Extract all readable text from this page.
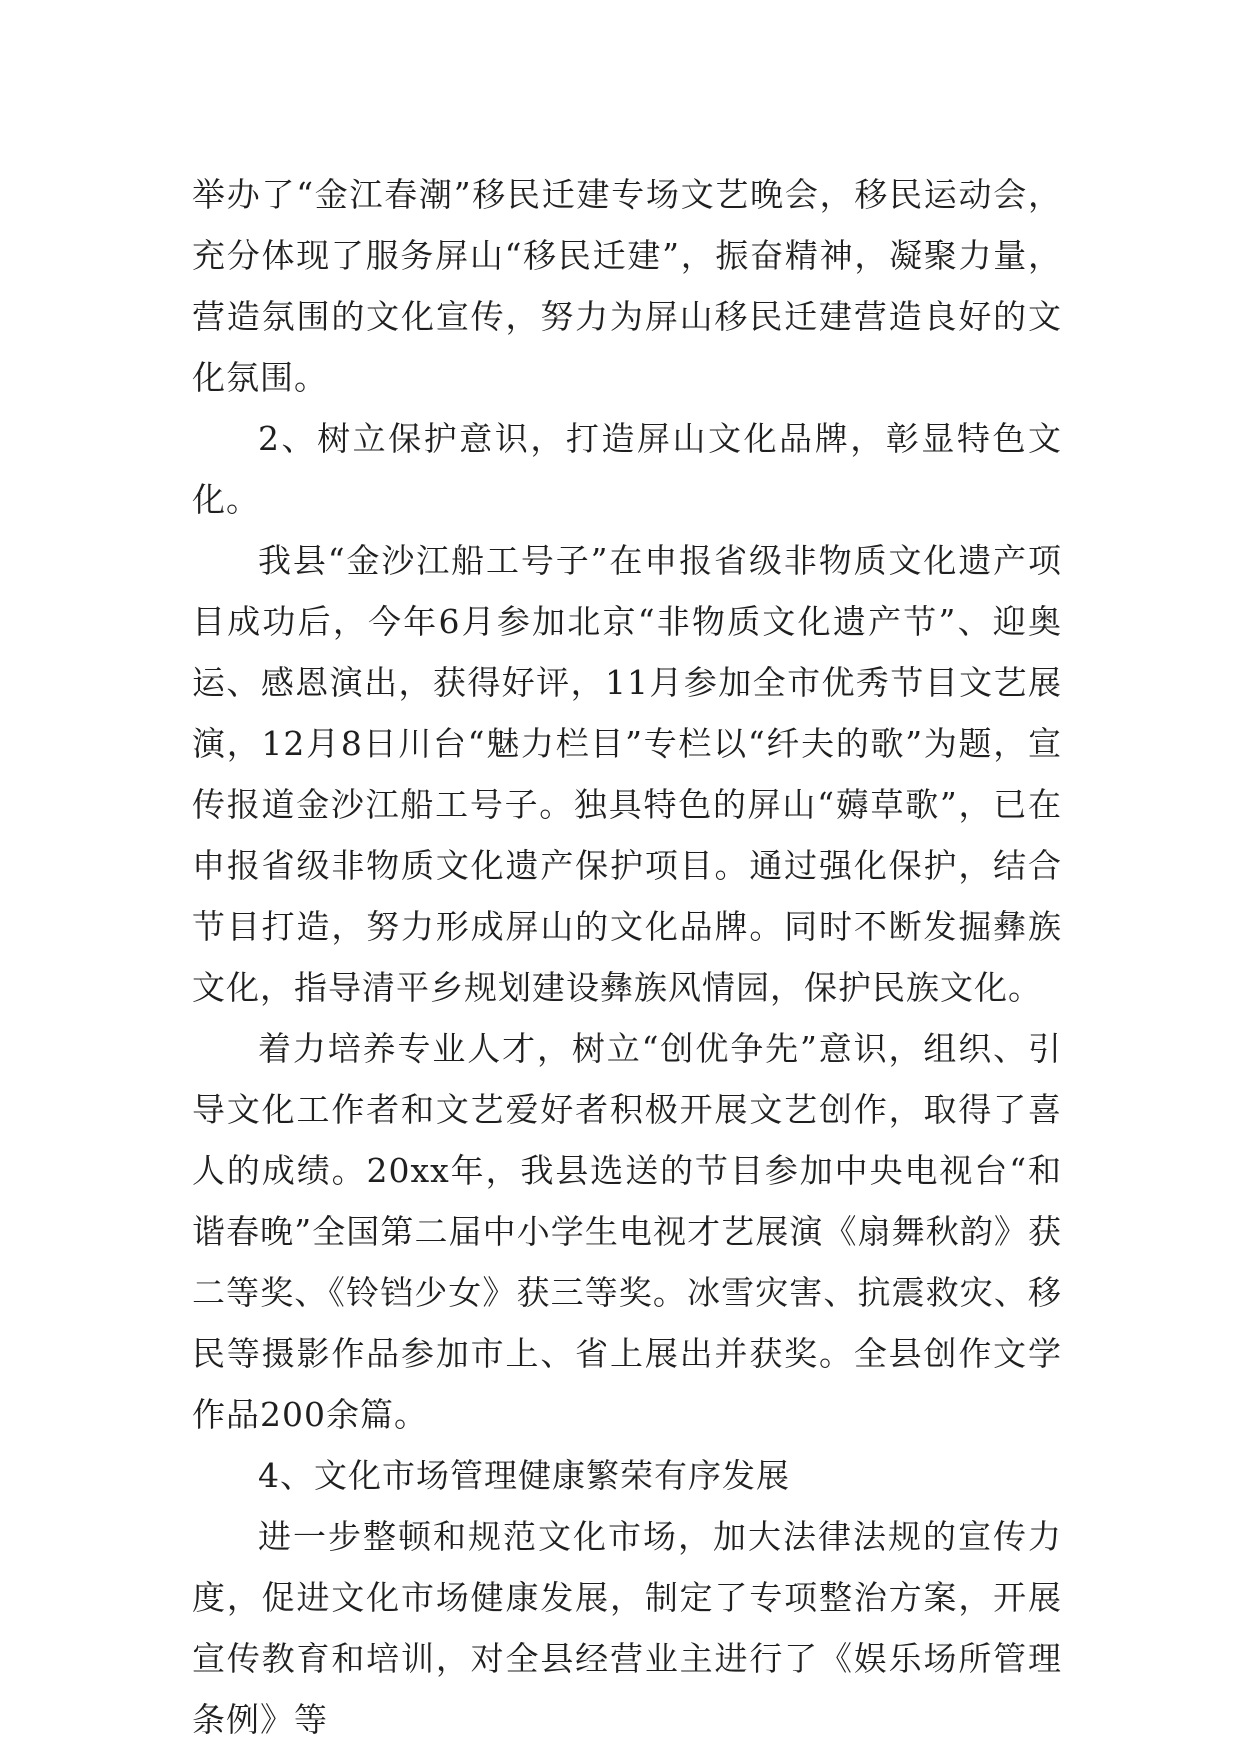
举办了“金江春潮”移民迁建专场文艺晚会，移民运动会，充分体现了服务屏山“移民迁建”，振奋精神，凝聚力量，营造氛围的文化宣传，努力为屏山移民迁建营造良好的文化氛围。

2、树立保护意识，打造屏山文化品牌，彰显特色文化。

我县“金沙江船工号子”在申报省级非物质文化遗产项目成功后，今年6月参加北京“非物质文化遗产节”、迎奥运、感恩演出，获得好评，11月参加全市优秀节目文艺展演，12月8日川台“魅力栏目”专栏以“纤夫的歌”为题，宣传报道金沙江船工号子。独具特色的屏山“薅草歌”，已在申报省级非物质文化遗产保护项目。通过强化保护，结合节目打造，努力形成屏山的文化品牌。同时不断发掘彝族文化，指导清平乡规划建设彝族风情园，保护民族文化。

着力培养专业人才，树立“创优争先”意识，组织、引导文化工作者和文艺爱好者积极开展文艺创作，取得了喜人的成绩。20xx年，我县选送的节目参加中央电视台“和谐春晚”全国第二届中小学生电视才艺展演《扇舞秋韵》获二等奖、《铃铛少女》获三等奖。冰雪灾害、抗震救灾、移民等摄影作品参加市上、省上展出并获奖。全县创作文学作品200余篇。

4、文化市场管理健康繁荣有序发展

进一步整顿和规范文化市场，加大法律法规的宣传力度，促进文化市场健康发展，制定了专项整治方案，开展宣传教育和培训，对全县经营业主进行了《娱乐场所管理条例》等
